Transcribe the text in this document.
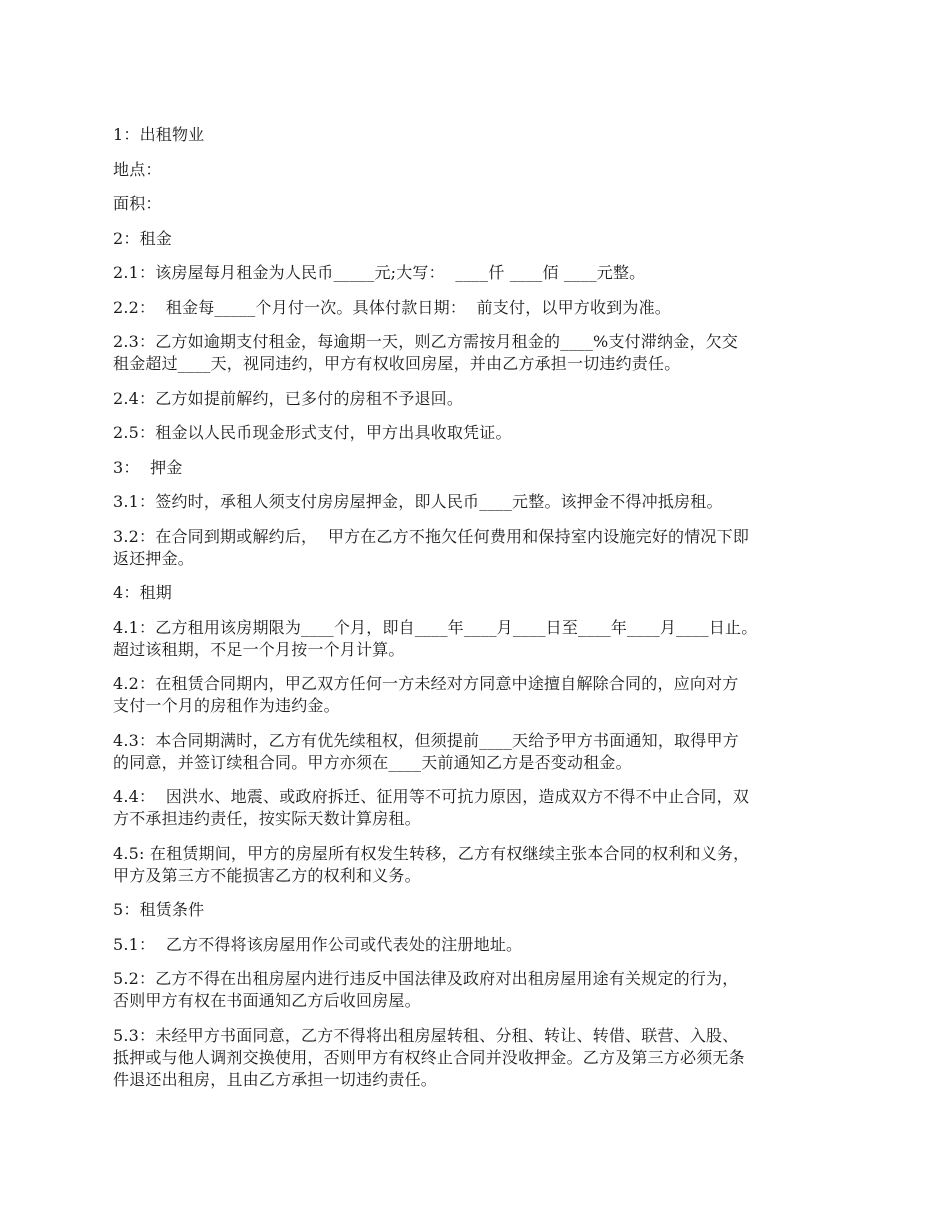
1：出租物业

地点：

面积：

2：租金

2.1：该房屋每月租金为人民币_____元;大写：  ____仟 ____佰 ____元整。

2.2：  租金每_____个月付一次。具体付款日期：  前支付，以甲方收到为准。

2.3：乙方如逾期支付租金，每逾期一天，则乙方需按月租金的____%支付滞纳金，欠交
租金超过____天，视同违约，甲方有权收回房屋，并由乙方承担一切违约责任。

2.4：乙方如提前解约，已多付的房租不予退回。

2.5：租金以人民币现金形式支付，甲方出具收取凭证。

3：  押金

3.1：签约时，承租人须支付房房屋押金，即人民币____元整。该押金不得冲抵房租。

3.2：在合同到期或解约后，  甲方在乙方不拖欠任何费用和保持室内设施完好的情况下即
返还押金。

4：租期

4.1：乙方租用该房期限为____个月，即自____年____月____日至____年____月____日止。
超过该租期，不足一个月按一个月计算。

4.2：在租赁合同期内，甲乙双方任何一方未经对方同意中途擅自解除合同的，应向对方
支付一个月的房租作为违约金。

4.3：本合同期满时，乙方有优先续租权，但须提前____天给予甲方书面通知，取得甲方
的同意，并签订续租合同。甲方亦须在____天前通知乙方是否变动租金。

4.4：  因洪水、地震、或政府拆迁、征用等不可抗力原因，造成双方不得不中止合同，双
方不承担违约责任，按实际天数计算房租。

4.5: 在租赁期间，甲方的房屋所有权发生转移，乙方有权继续主张本合同的权利和义务，
甲方及第三方不能损害乙方的权利和义务。

5：租赁条件

5.1：  乙方不得将该房屋用作公司或代表处的注册地址。

5.2：乙方不得在出租房屋内进行违反中国法律及政府对出租房屋用途有关规定的行为，
否则甲方有权在书面通知乙方后收回房屋。

5.3：未经甲方书面同意，乙方不得将出租房屋转租、分租、转让、转借、联营、入股、
抵押或与他人调剂交换使用，否则甲方有权终止合同并没收押金。乙方及第三方必须无条
件退还出租房，且由乙方承担一切违约责任。
